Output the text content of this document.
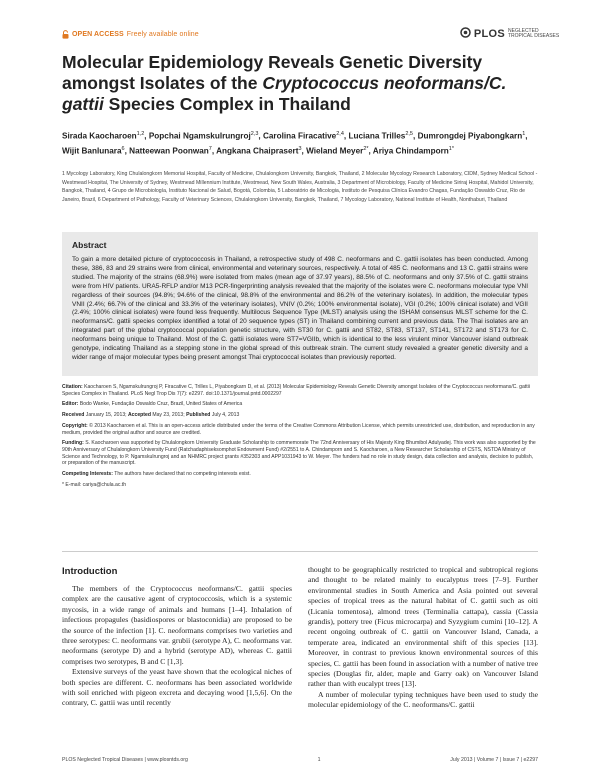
OPEN ACCESS Freely available online	PLOS NEGLECTED TROPICAL DISEASES
Molecular Epidemiology Reveals Genetic Diversity amongst Isolates of the Cryptococcus neoformans/C. gattii Species Complex in Thailand
Sirada Kaocharoen$^{1,2}$, Popchai Ngamskulrungroj$^{2,3}$, Carolina Firacative$^{2,4}$, Luciana Trilles$^{2,5}$, Dumrongdej Piyabongkarn$^1$, Wijit Banlunara$^6$, Natteewan Poonwan$^7$, Angkana Chaiprasert$^3$, Wieland Meyer$^{2*}$, Ariya Chindamporn$^{1*}$
1 Mycology Laboratory, King Chulalongkorn Memorial Hospital, Faculty of Medicine, Chulalongkorn University, Bangkok, Thailand, 2 Molecular Mycology Research Laboratory, CIDM, Sydney Medical School - Westmead Hospital, The University of Sydney, Westmead Millennium Institute, Westmead, New South Wales, Australia, 3 Department of Microbiology, Faculty of Medicine Siriraj Hospital, Mahidol University, Bangkok, Thailand, 4 Grupo de Microbiología, Instituto Nacional de Salud, Bogotá, Colombia, 5 Laboratório de Micologia, Instituto de Pesquisa Clínica Evandro Chagas, Fundação Oswaldo Cruz, Rio de Janeiro, Brazil, 6 Department of Pathology, Faculty of Veterinary Sciences, Chulalongkorn University, Bangkok, Thailand, 7 Mycology Laboratory, National Institute of Health, Nonthaburi, Thailand
Abstract

To gain a more detailed picture of cryptococcosis in Thailand, a retrospective study of 498 C. neoformans and C. gattii isolates has been conducted. Among these, 386, 83 and 29 strains were from clinical, environmental and veterinary sources, respectively. A total of 485 C. neoformans and 13 C. gattii strains were studied. The majority of the strains (68.9%) were isolated from males (mean age of 37.97 years), 88.5% of C. neoformans and only 37.5% of C. gattii strains were from HIV patients. URA5-RFLP and/or M13 PCR-fingerprinting analysis revealed that the majority of the isolates were C. neoformans molecular type VNI regardless of their sources (94.8%; 94.6% of the clinical, 98.8% of the environmental and 86.2% of the veterinary isolates). In addition, the molecular types VNII (2.4%; 66.7% of the clinical and 33.3% of the veterinary isolates), VNIV (0.2%; 100% environmental isolate), VGI (0.2%; 100% clinical isolate) and VGII (2.4%; 100% clinical isolates) were found less frequently. Multilocus Sequence Type (MLST) analysis using the ISHAM consensus MLST scheme for the C. neoformans/C. gattii species complex identified a total of 20 sequence types (ST) in Thailand combining current and previous data. The Thai isolates are an integrated part of the global cryptococcal population genetic structure, with ST30 for C. gattii and ST82, ST83, ST137, ST141, ST172 and ST173 for C. neoformans being unique to Thailand. Most of the C. gattii isolates were ST7=VGIIb, which is identical to the less virulent minor Vancouver island outbreak genotype, indicating Thailand as a stepping stone in the global spread of this outbreak strain. The current study revealed a greater genetic diversity and a wider range of major molecular types being present amongst Thai cryptococcal isolates than previously reported.

Citation: Kaocharoen S, Ngamskulrungroj P, Firacative C, Trilles L, Piyabongkarn D, et al. (2013) Molecular Epidemiology Reveals Genetic Diversity amongst Isolates of the Cryptococcus neoformans/C. gattii Species Complex in Thailand. PLoS Negl Trop Dis 7(7): e2297. doi:10.1371/journal.pntd.0002297

Editor: Bodo Wanke, Fundação Oswaldo Cruz, Brazil, United States of America

Received January 15, 2013; Accepted May 23, 2013; Published July 4, 2013

Copyright: © 2013 Kaocharoen et al. This is an open-access article distributed under the terms of the Creative Commons Attribution License, which permits unrestricted use, distribution, and reproduction in any medium, provided the original author and source are credited.

Funding: S. Kaocharoen was supported by Chulalongkorn University Graduate Scholarship to commemorate The 72nd Anniversary of His Majesty King Bhumibol Adulyadej. This work was also supported by the 90th Anniversary of Chulalongkorn University Fund (Ratchadaphiseksomphot Endowment Fund) #2/2551 to A. Chindamporn and S. Kaocharoen, a New Researcher Scholarship of CSTS, NSTDA Ministry of Science and Technology, to P. Ngamskulrungroj and an NHMRC project grants #352303 and APP1031943 to W. Meyer. The funders had no role in study design, data collection and analysis, decision to publish, or preparation of the manuscript.

Competing Interests: The authors have declared that no competing interests exist.

* E-mail: cariya@chula.ac.th

Introduction

The members of the Cryptococcus neoformans/C. gattii species complex are the causative agent of cryptococcosis, which is a systemic mycosis, in a wide range of animals and humans [1–4]. Inhalation of infectious propagules (basidiospores or blastoconidia) are proposed to be the source of the infection [1]. C. neoformans comprises two varieties and three serotypes: C. neoformans var. grubii (serotype A), C. neoformans var. neoformans (serotype D) and a hybrid (serotype AD), whereas C. gattii comprises two serotypes, B and C [1,3].

Extensive surveys of the yeast have shown that the ecological niches of both species are different. C. neoformans has been associated worldwide with soil enriched with pigeon excreta and decaying wood [1,5,6]. On the contrary, C. gattii was until recently

thought to be geographically restricted to tropical and subtropical regions and thought to be related mainly to eucalyptus trees [7–9]. Further environmental studies in South America and Asia pointed out several species of tropical trees as the natural habitat of C. gattii such as oiti (Licania tomentosa), almond trees (Terminalia cattapa), cassia (Cassia grandis), pottery tree (Ficus microcarpa) and Syzygium cumini [10–12]. A recent ongoing outbreak of C. gattii on Vancouver Island, Canada, a temperate area, indicated an environmental shift of this species [13]. Moreover, in contrast to previous known environmental sources of this species, C. gattii has been found in association with a number of native tree species (Douglas fir, alder, maple and Garry oak) on Vancouver Island rather than with eucalypt trees [13].

A number of molecular typing techniques have been used to study the molecular epidemiology of the C. neoformans/C. gattii

PLOS Neglected Tropical Diseases | www.plosntds.org	1	July 2013 | Volume 7 | Issue 7 | e2297
